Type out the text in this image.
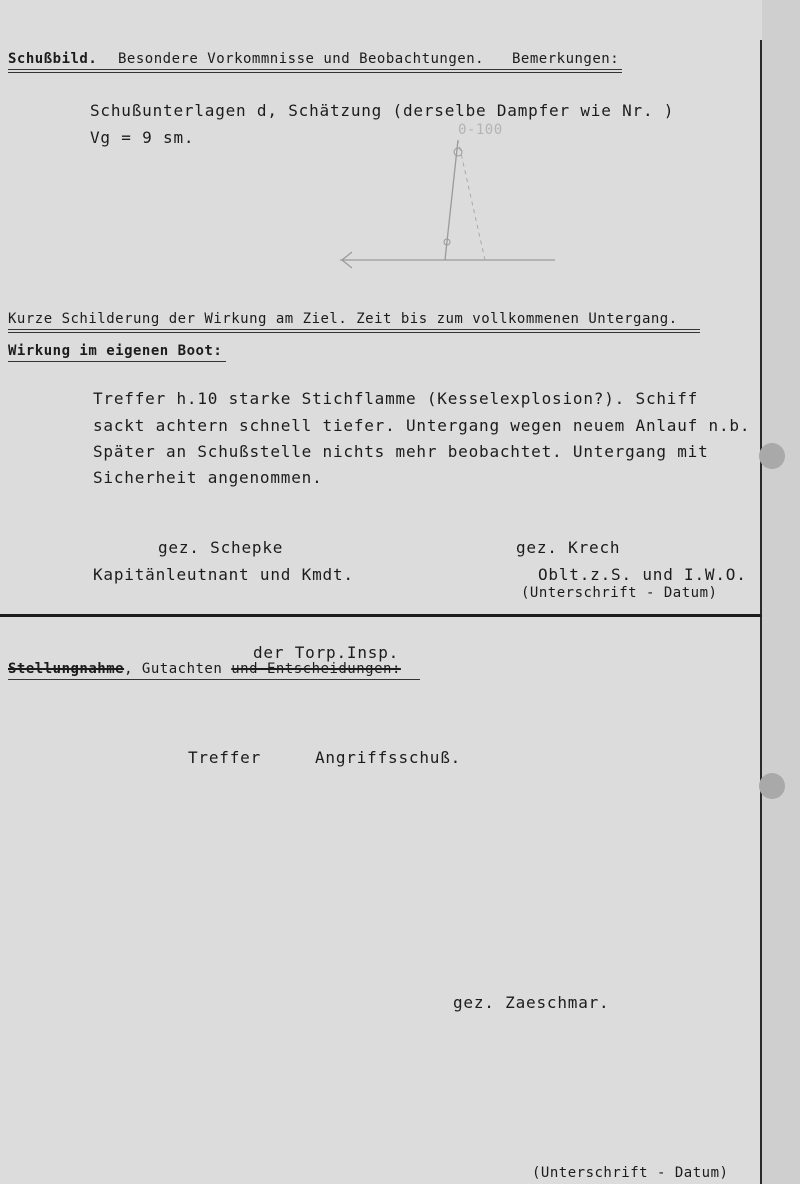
Schußbild. Besondere Vorkommnisse und Beobachtungen. Bemerkungen:
Schußunterlagen d, Schätzung (derselbe Dampfer wie Nr. )
Vg = 9 sm.	0-100
Kurze Schilderung der Wirkung am Ziel. Zeit bis zum vollkommenen Untergang.
Wirkung im eigenen Boot:
Treffer h.10 starke Stichflamme (Kesselexplosion?). Schiff
sackt achtern schnell tiefer. Untergang wegen neuem Anlauf n.b.
Später an Schußstelle nichts mehr beobachtet. Untergang mit
Sicherheit angenommen.
gez. Schepke
Kapitänleutnant und Kmdt.
gez. Krech
Oblt.z.S. und I.W.O.
(Unterschrift - Datum)
der Torp.Insp.
Stellungnahme, Gutachten und Entscheidungen:
Treffer	Angriffsschuß.
gez. Zaeschmar.
(Unterschrift - Datum)
